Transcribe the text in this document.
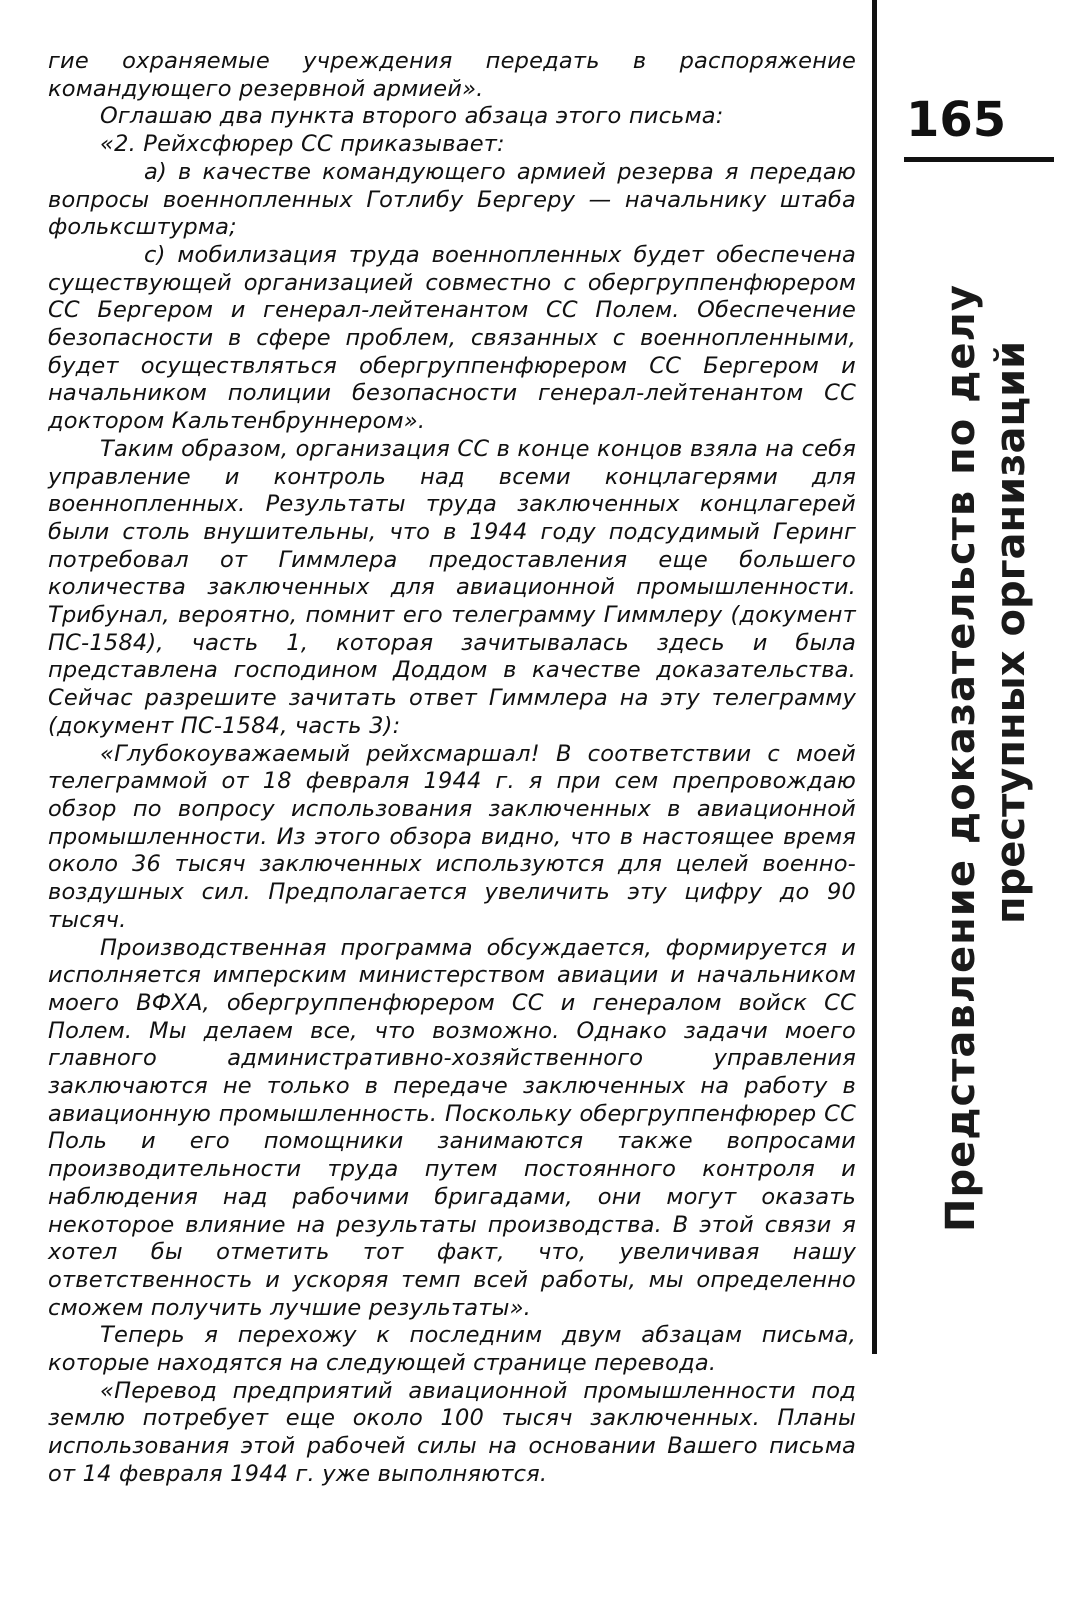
гие охраняемые учреждения передать в распоряжение командующего резервной армией».

Оглашаю два пункта второго абзаца этого письма:

«2. Рейхсфюрер СС приказывает:

а) в качестве командующего армией резерва я передаю вопросы военнопленных Готлибу Бергеру — начальнику штаба фольксштурма;

с) мобилизация труда военнопленных будет обеспечена существующей организацией совместно с обергруппенфюрером СС Бергером и генерал-лейтенантом СС Полем. Обеспечение безопасности в сфере проблем, связанных с военнопленными, будет осуществляться обергруппенфюрером СС Бергером и начальником полиции безопасности генерал-лейтенантом СС доктором Кальтенбруннером».

Таким образом, организация СС в конце концов взяла на себя управление и контроль над всеми концлагерями для военнопленных. Результаты труда заключенных концлагерей были столь внушительны, что в 1944 году подсудимый Геринг потребовал от Гиммлера предоставления еще большего количества заключенных для авиационной промышленности. Трибунал, вероятно, помнит его телеграмму Гиммлеру (документ ПС-1584), часть 1, которая зачитывалась здесь и была представлена господином Доддом в качестве доказательства. Сейчас разрешите зачитать ответ Гиммлера на эту телеграмму (документ ПС-1584, часть 3):

«Глубокоуважаемый рейхсмаршал! В соответствии с моей телеграммой от 18 февраля 1944 г. я при сем препровождаю обзор по вопросу использования заключенных в авиационной промышленности. Из этого обзора видно, что в настоящее время около 36 тысяч заключенных используются для целей военно-воздушных сил. Предполагается увеличить эту цифру до 90 тысяч.

Производственная программа обсуждается, формируется и исполняется имперским министерством авиации и начальником моего ВФХА, обергруппенфюрером СС и генералом войск СС Полем. Мы делаем все, что возможно. Однако задачи моего главного административно-хозяйственного управления заключаются не только в передаче заключенных на работу в авиационную промышленность. Поскольку обергруппенфюрер СС Поль и его помощники занимаются также вопросами производительности труда путем постоянного контроля и наблюдения над рабочими бригадами, они могут оказать некоторое влияние на результаты производства. В этой связи я хотел бы отметить тот факт, что, увеличивая нашу ответственность и ускоряя темп всей работы, мы определенно сможем получить лучшие результаты».

Теперь я перехожу к последним двум абзацам письма, которые находятся на следующей странице перевода.

«Перевод предприятий авиационной промышленности под землю потребует еще около 100 тысяч заключенных. Планы использования этой рабочей силы на основании Вашего письма от 14 февраля 1944 г. уже выполняются.

165
Представление доказательств по делу преступных организаций
